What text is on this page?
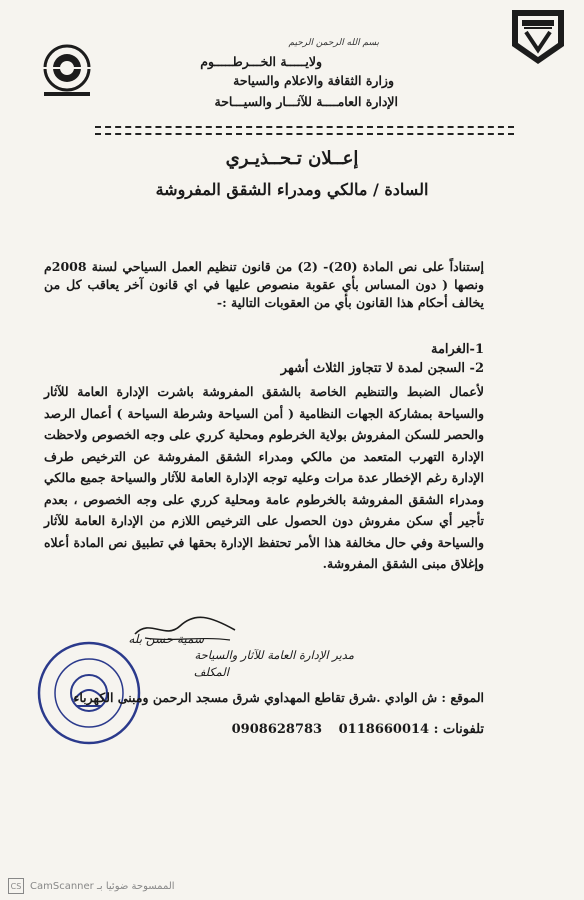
بسم الله الرحمن الرحيم
ولايـــــة الخـــرطـــــوم
وزارة الثقافة والاعلام والسياحة
الإدارة العامــــة للآثـــار والسيـــاحة
إعــلان تـحــذيـري
السادة / مالكي ومدراء الشقق المفروشة
إستناداً على نص المادة (20)- (2) من قانون تنظيم العمل السياحي لسنة 2008م ونصها ( دون المساس بأي عقوبة منصوص عليها في اي قانون آخر يعاقب كل من يخالف أحكام هذا القانون بأي من العقوبات التالية :-
1-الغرامة
2- السجن لمدة لا تتجاوز الثلاث أشهر
لأعمال الضبط والتنظيم الخاصة بالشقق المفروشة باشرت الإدارة العامة للآثار والسياحة بمشاركة الجهات النظامية ( أمن السياحة وشرطة السياحة ) أعمال الرصد والحصر للسكن المفروش بولاية الخرطوم ومحلية كرري على وجه الخصوص ولاحظت الإدارة التهرب المتعمد من مالكي ومدراء الشقق المفروشة عن الترخيص طرف الإدارة رغم الإخطار عدة مرات وعليه توجه الإدارة العامة للآثار والسياحة جميع مالكي ومدراء الشقق المفروشة بالخرطوم عامة ومحلية كرري على وجه الخصوص ، بعدم تأجير أي سكن مفروش دون الحصول على الترخيص اللازم من الإدارة العامة للآثار والسياحة وفي حال مخالفة هذا الأمر تحتفظ الإدارة بحقها في تطبيق نص المادة أعلاه وإغلاق مبنى الشقق المفروشة.
سمية حسن بله
مدير الإدارة العامة للآثار والسياحة
المكلف
الموقع : ش الوادي .شرق تقاطع المهداوي شرق مسجد الرحمن ومبنى الكهرباء
تلفونات : 0908628783 0118660014
CS CamScanner الممسوحة ضوئيا بـ
